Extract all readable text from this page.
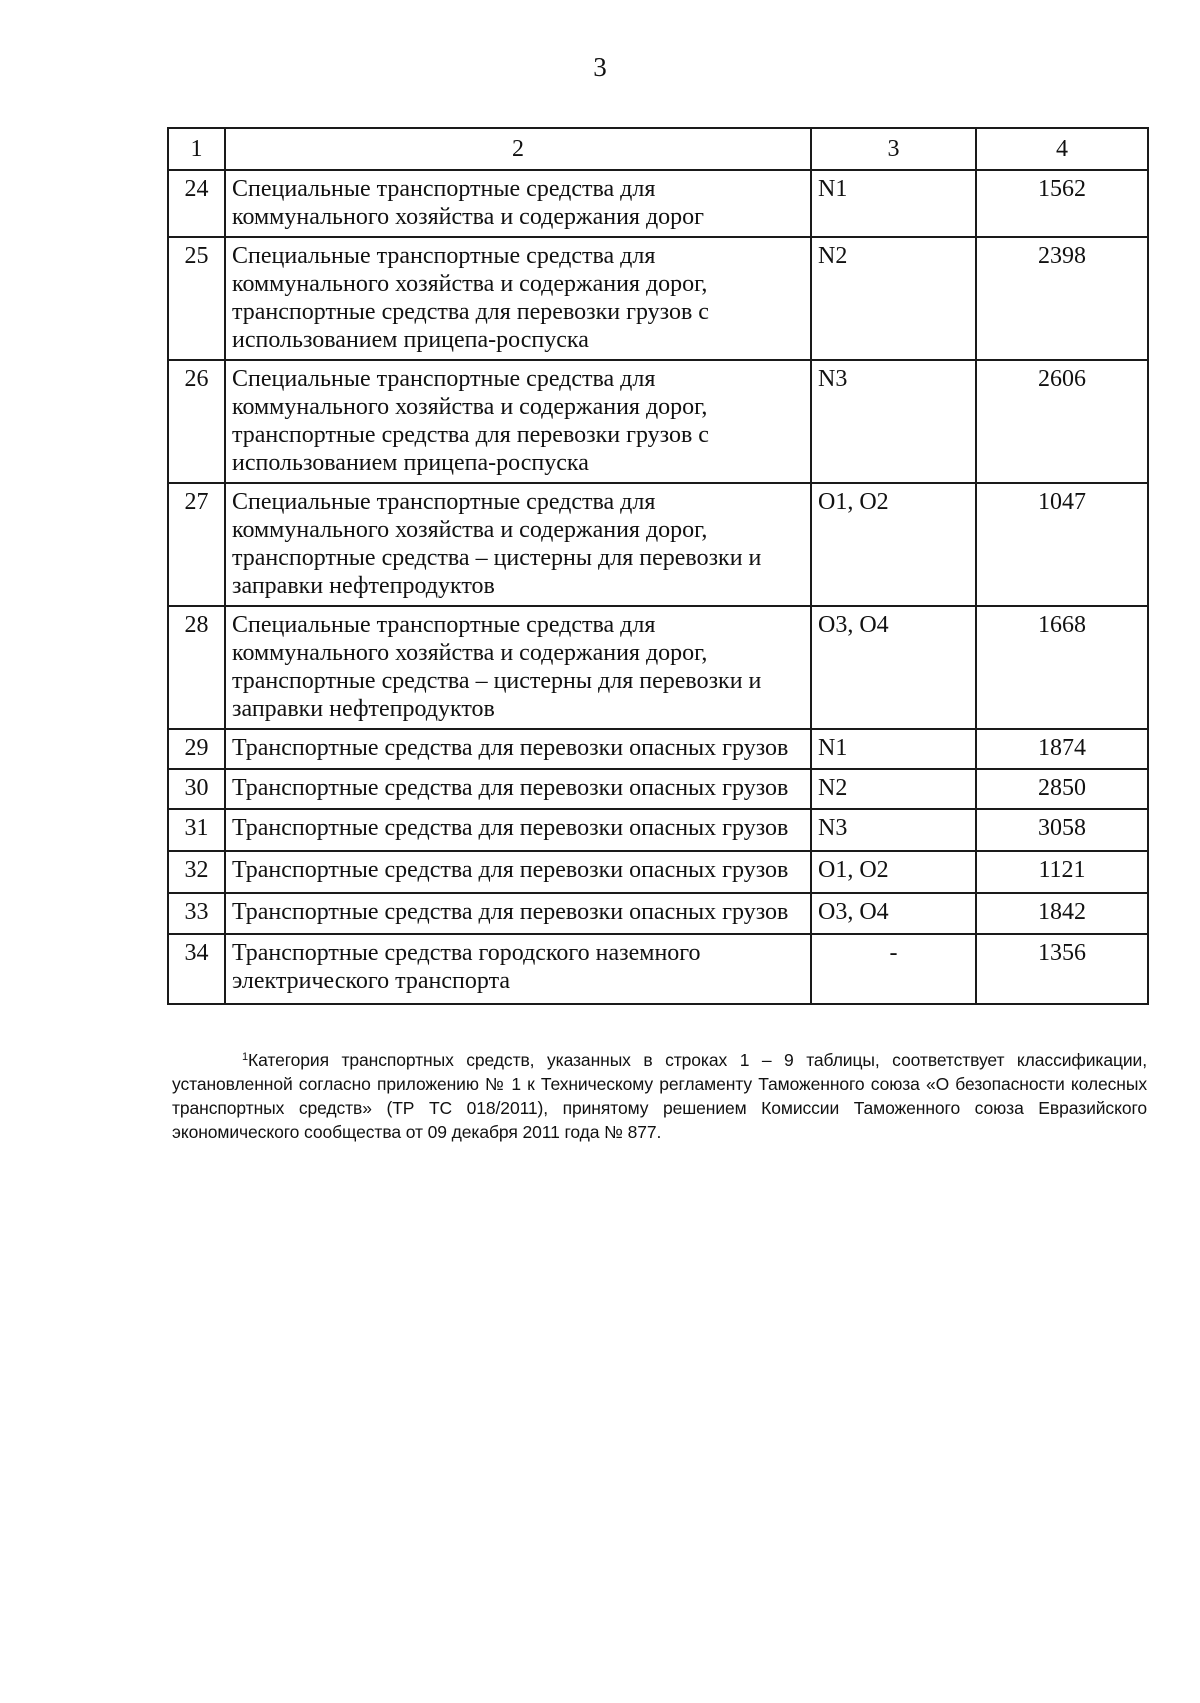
3
1	2	3	4
24	Специальные транспортные средства для коммунального хозяйства и содержания дорог	N1	1562
25	Специальные транспортные средства для коммунального хозяйства и содержания дорог, транспортные средства для перевозки грузов с использованием прицепа-роспуска	N2	2398
26	Специальные транспортные средства для коммунального хозяйства и содержания дорог, транспортные средства для перевозки грузов с использованием прицепа-роспуска	N3	2606
27	Специальные транспортные средства для коммунального хозяйства и содержания дорог, транспортные средства – цистерны для перевозки и заправки нефтепродуктов	O1, O2	1047
28	Специальные транспортные средства для коммунального хозяйства и содержания дорог, транспортные средства – цистерны для перевозки и заправки нефтепродуктов	O3, O4	1668
29	Транспортные средства для перевозки опасных грузов	N1	1874
30	Транспортные средства для перевозки опасных грузов	N2	2850
31	Транспортные средства для перевозки опасных грузов	N3	3058
32	Транспортные средства для перевозки опасных грузов	O1, O2	1121
33	Транспортные средства для перевозки опасных грузов	O3, O4	1842
34	Транспортные средства городского наземного электрического транспорта	-	1356
$^1$Категория транспортных средств, указанных в строках 1 – 9 таблицы, соответствует классификации, установленной согласно приложению № 1 к Техническому регламенту Таможенного союза «О безопасности колесных транспортных средств» (ТР ТС 018/2011), принятому решением Комиссии Таможенного союза Евразийского экономического сообщества от 09 декабря 2011 года № 877.
